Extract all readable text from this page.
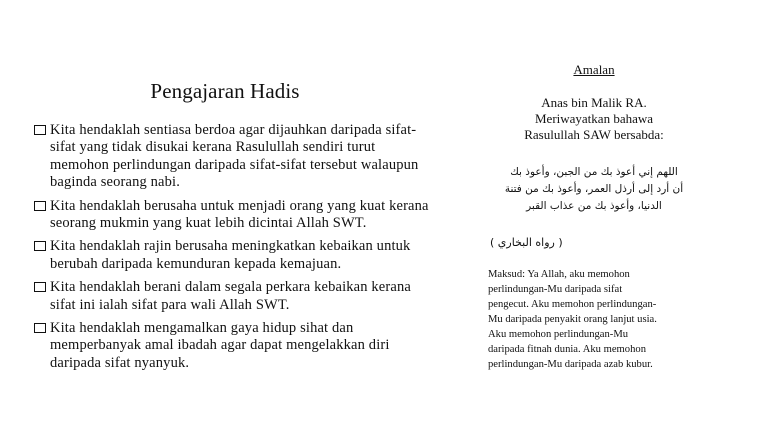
Pengajaran Hadis
Kita hendaklah sentiasa berdoa agar dijauhkan daripada sifat-sifat yang tidak disukai kerana Rasulullah sendiri turut memohon perlindungan daripada sifat-sifat tersebut walaupun baginda seorang nabi.
Kita hendaklah berusaha untuk menjadi orang yang kuat kerana seorang mukmin yang kuat lebih dicintai Allah SWT.
Kita hendaklah rajin berusaha meningkatkan kebaikan untuk berubah daripada kemunduran kepada kemajuan.
Kita hendaklah berani dalam segala perkara kebaikan kerana sifat ini ialah sifat para wali Allah SWT.
Kita hendaklah mengamalkan gaya hidup sihat dan memperbanyak amal ibadah agar dapat mengelakkan diri daripada sifat nyanyuk.
Amalan
Anas bin Malik RA.
Meriwayatkan bahawa
Rasulullah SAW bersabda:
اللهم إني أعوذ بك من الجبن، وأعوذ بك
أن أرد إلى أرذل العمر، وأعوذ بك من فتنة
الدنيا، وأعوذ بك من عذاب القبر
( رواه البخاري )
Maksud: Ya Allah, aku memohon
perlindungan-Mu daripada sifat
pengecut. Aku memohon perlindungan-
Mu daripada penyakit orang lanjut usia.
Aku memohon perlindungan-Mu
daripada fitnah dunia. Aku memohon
perlindungan-Mu daripada azab kubur.
